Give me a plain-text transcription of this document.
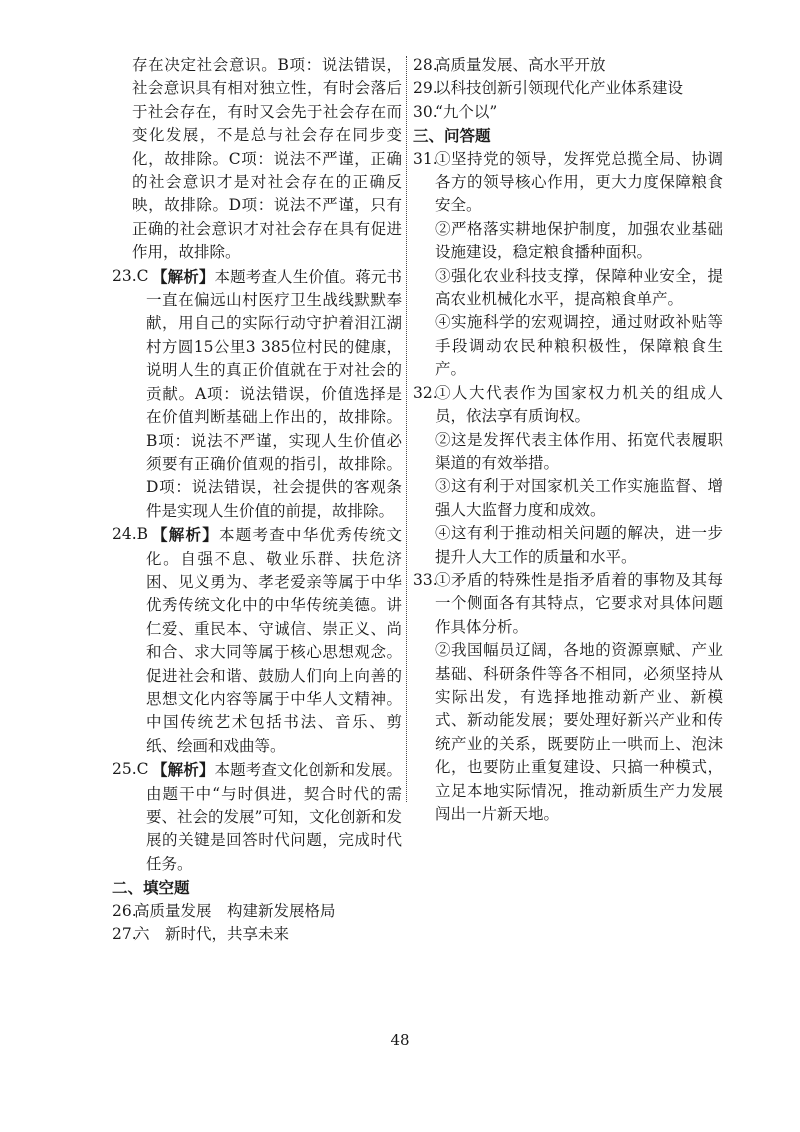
存在决定社会意识。B项：说法错误，社会意识具有相对独立性，有时会落后于社会存在，有时又会先于社会存在而变化发展，不是总与社会存在同步变化，故排除。C项：说法不严谨，正确的社会意识才是对社会存在的正确反映，故排除。D项：说法不严谨，只有正确的社会意识才对社会存在具有促进作用，故排除。
23.C 【解析】本题考查人生价值。蒋元书一直在偏远山村医疗卫生战线默默奉献，用自己的实际行动守护着泪江湖村方圆15公里3 385位村民的健康，说明人生的真正价值就在于对社会的贡献。A项：说法错误，价值选择是在价值判断基础上作出的，故排除。B项：说法不严谨，实现人生价值必须要有正确价值观的指引，故排除。D项：说法错误，社会提供的客观条件是实现人生价值的前提，故排除。
24.B 【解析】本题考查中华优秀传统文化。自强不息、敬业乐群、扶危济困、见义勇为、孝老爱亲等属于中华优秀传统文化中的中华传统美德。讲仁爱、重民本、守诚信、崇正义、尚和合、求大同等属于核心思想观念。促进社会和谐、鼓励人们向上向善的思想文化内容等属于中华人文精神。中国传统艺术包括书法、音乐、剪纸、绘画和戏曲等。
25.C 【解析】本题考查文化创新和发展。由题干中“与时俱进，契合时代的需要、社会的发展”可知，文化创新和发展的关键是回答时代问题，完成时代任务。
二、填空题
26.
高质量发展　构建新发展格局
27.
六　新时代，共享未来
28.
高质量发展、高水平开放
29.
以科技创新引领现代化产业体系建设
30.
“九个以”
三、问答题
31.
①坚持党的领导，发挥党总揽全局、协调各方的领导核心作用，更大力度保障粮食安全。
②严格落实耕地保护制度，加强农业基础设施建设，稳定粮食播种面积。
③强化农业科技支撑，保障种业安全，提高农业机械化水平，提高粮食单产。
④实施科学的宏观调控，通过财政补贴等手段调动农民种粮积极性，保障粮食生产。
32.
①人大代表作为国家权力机关的组成人员，依法享有质询权。
②这是发挥代表主体作用、拓宽代表履职渠道的有效举措。
③这有利于对国家机关工作实施监督、增强人大监督力度和成效。
④这有利于推动相关问题的解决，进一步提升人大工作的质量和水平。
33.
①矛盾的特殊性是指矛盾着的事物及其每一个侧面各有其特点，它要求对具体问题作具体分析。
②我国幅员辽阔，各地的资源禀赋、产业基础、科研条件等各不相同，必须坚持从实际出发，有选择地推动新产业、新模式、新动能发展；要处理好新兴产业和传统产业的关系，既要防止一哄而上、泡沫化，也要防止重复建设、只搞一种模式，立足本地实际情况，推动新质生产力发展闯出一片新天地。
48
